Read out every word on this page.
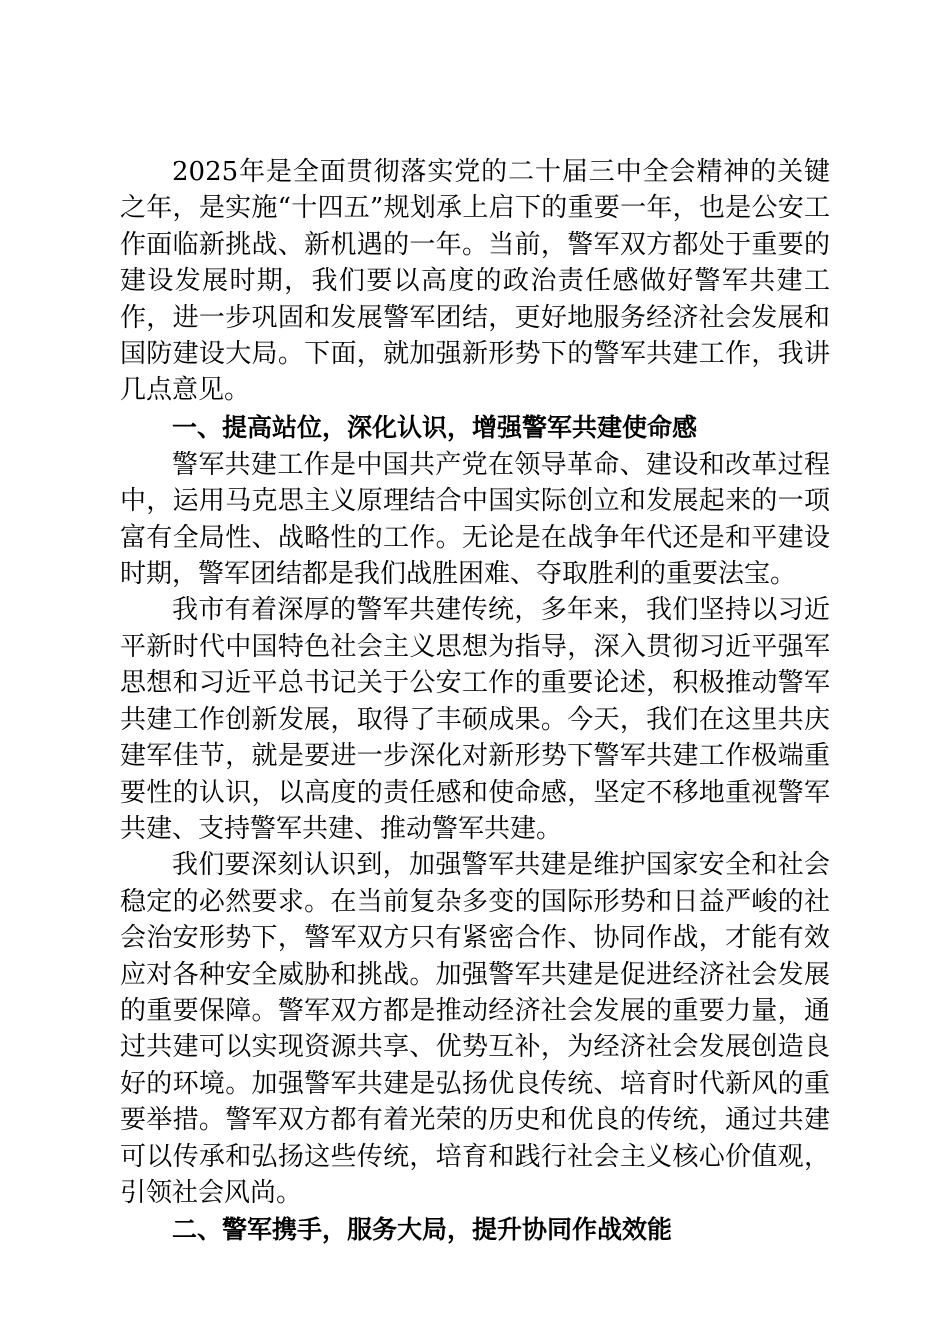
2025年是全面贯彻落实党的二十届三中全会精神的关键之年，是实施“十四五”规划承上启下的重要一年，也是公安工作面临新挑战、新机遇的一年。当前，警军双方都处于重要的建设发展时期，我们要以高度的政治责任感做好警军共建工作，进一步巩固和发展警军团结，更好地服务经济社会发展和国防建设大局。下面，就加强新形势下的警军共建工作，我讲几点意见。

一、提高站位，深化认识，增强警军共建使命感

警军共建工作是中国共产党在领导革命、建设和改革过程中，运用马克思主义原理结合中国实际创立和发展起来的一项富有全局性、战略性的工作。无论是在战争年代还是和平建设时期，警军团结都是我们战胜困难、夺取胜利的重要法宝。

我市有着深厚的警军共建传统，多年来，我们坚持以习近平新时代中国特色社会主义思想为指导，深入贯彻习近平强军思想和习近平总书记关于公安工作的重要论述，积极推动警军共建工作创新发展，取得了丰硕成果。今天，我们在这里共庆建军佳节，就是要进一步深化对新形势下警军共建工作极端重要性的认识，以高度的责任感和使命感，坚定不移地重视警军共建、支持警军共建、推动警军共建。

我们要深刻认识到，加强警军共建是维护国家安全和社会稳定的必然要求。在当前复杂多变的国际形势和日益严峻的社会治安形势下，警军双方只有紧密合作、协同作战，才能有效应对各种安全威胁和挑战。加强警军共建是促进经济社会发展的重要保障。警军双方都是推动经济社会发展的重要力量，通过共建可以实现资源共享、优势互补，为经济社会发展创造良好的环境。加强警军共建是弘扬优良传统、培育时代新风的重要举措。警军双方都有着光荣的历史和优良的传统，通过共建可以传承和弘扬这些传统，培育和践行社会主义核心价值观，引领社会风尚。

二、警军携手，服务大局，提升协同作战效能
